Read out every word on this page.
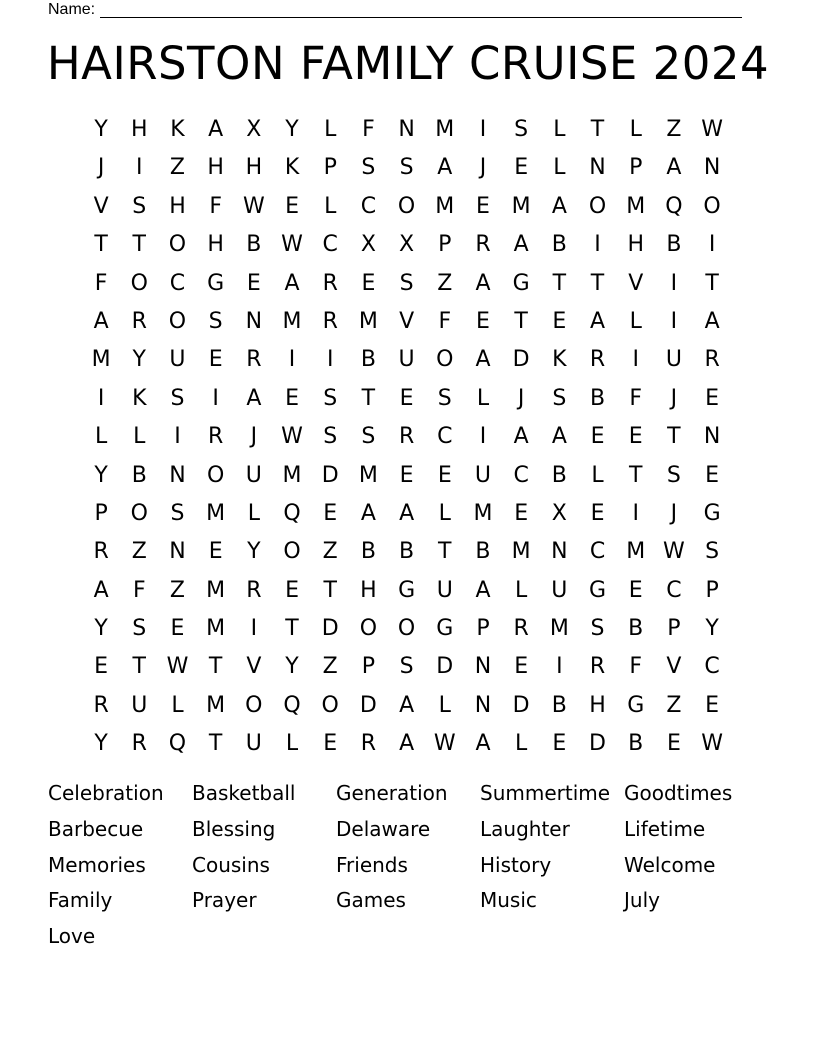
Name:
HAIRSTON FAMILY CRUISE 2024
Y	H	K	A	X	Y	L	F	N M	I	S	L	T	L	Z W
J	I	Z	H H	K	P	S	S	A	J	E	L	N	P	A	N
V	S	H	F W E	L	C O M E M A O M Q O
T	T	O H	B W C	X	X	P	R	A	B	I	H	B	I
F	O C G	E	A	R	E	S	Z	A	G	T	T	V	I	T
A	R O	S	N M R M V	F	E	T	E	A	L	I	A
M Y	U	E	R	I	I	B	U O	A	D	K	R	I	U	R
I	K	S	I	A	E	S	T	E	S	L	J	S	B	F	J	E
L	L	I	R	J	W S	S	R	C	I	A	A	E	E	T	N
Y	B	N O U M D M E	E	U	C	B	L	T	S	E
P	O	S M	L	Q	E	A	A	L	M E	X	E	I	J	G
R	Z	N	E	Y	O Z	B	B	T	B M N	C M W S
A	F	Z M R	E	T	H G U	A	L	U G	E	C	P
Y	S	E M	I	T	D O O G	P	R M S	B	P	Y
E	T W T	V	Y	Z	P	S	D N	E	I	R	F	V	C
R	U	L	M O Q O D	A	L	N D	B	H G	Z	E
Y	R Q	T	U	L	E	R	A W A	L	E	D	B	E W
Celebration	Basketball	Generation	Summertime Goodtimes
Barbecue	Blessing	Delaware	Laughter	Lifetime
Memories	Cousins	Friends	History	Welcome
Family	Prayer	Games	Music	July
Love
